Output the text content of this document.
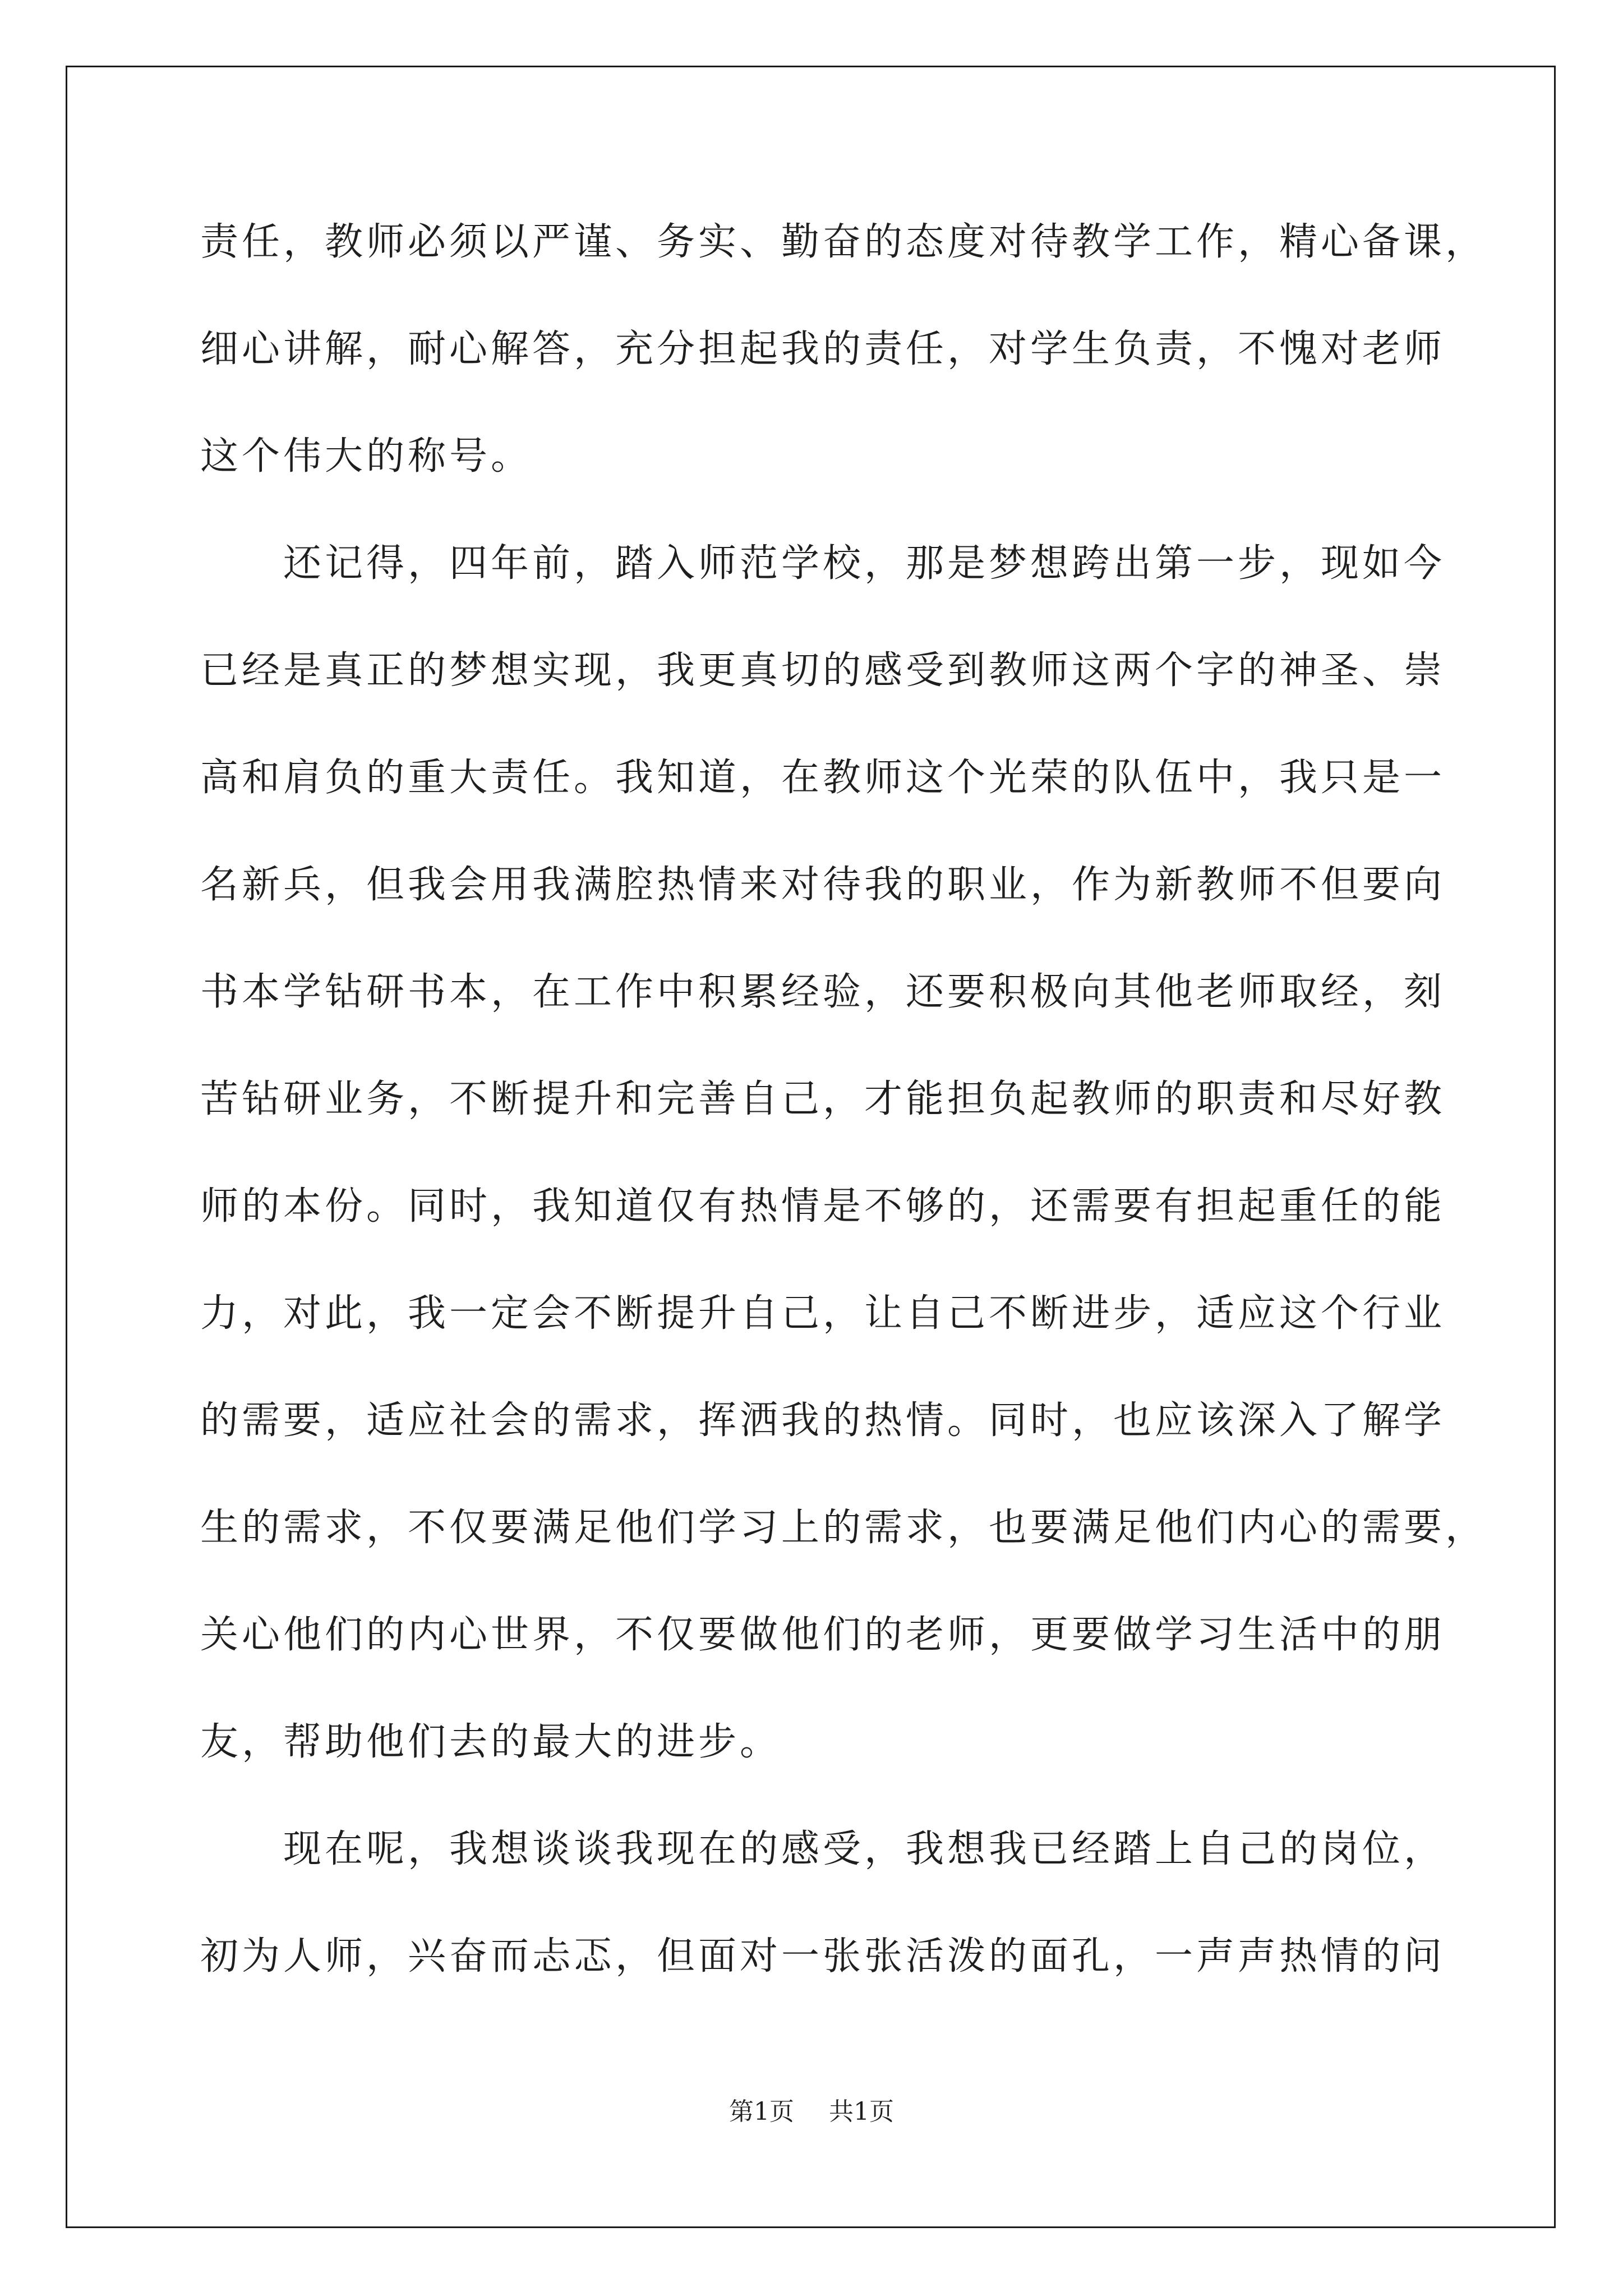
责任，教师必须以严谨、务实、勤奋的态度对待教学工作，精心备课，
细心讲解，耐心解答，充分担起我的责任，对学生负责，不愧对老师
这个伟大的称号。
还记得，四年前，踏入师范学校，那是梦想跨出第一步，现如今
已经是真正的梦想实现，我更真切的感受到教师这两个字的神圣、崇
高和肩负的重大责任。我知道，在教师这个光荣的队伍中，我只是一
名新兵，但我会用我满腔热情来对待我的职业，作为新教师不但要向
书本学钻研书本，在工作中积累经验，还要积极向其他老师取经，刻
苦钻研业务，不断提升和完善自己，才能担负起教师的职责和尽好教
师的本份。同时，我知道仅有热情是不够的，还需要有担起重任的能
力，对此，我一定会不断提升自己，让自己不断进步，适应这个行业
的需要，适应社会的需求，挥洒我的热情。同时，也应该深入了解学
生的需求，不仅要满足他们学习上的需求，也要满足他们内心的需要，
关心他们的内心世界，不仅要做他们的老师，更要做学习生活中的朋
友，帮助他们去的最大的进步。
现在呢，我想谈谈我现在的感受，我想我已经踏上自己的岗位，
初为人师，兴奋而忐忑，但面对一张张活泼的面孔，一声声热情的问
第1页 共1页
